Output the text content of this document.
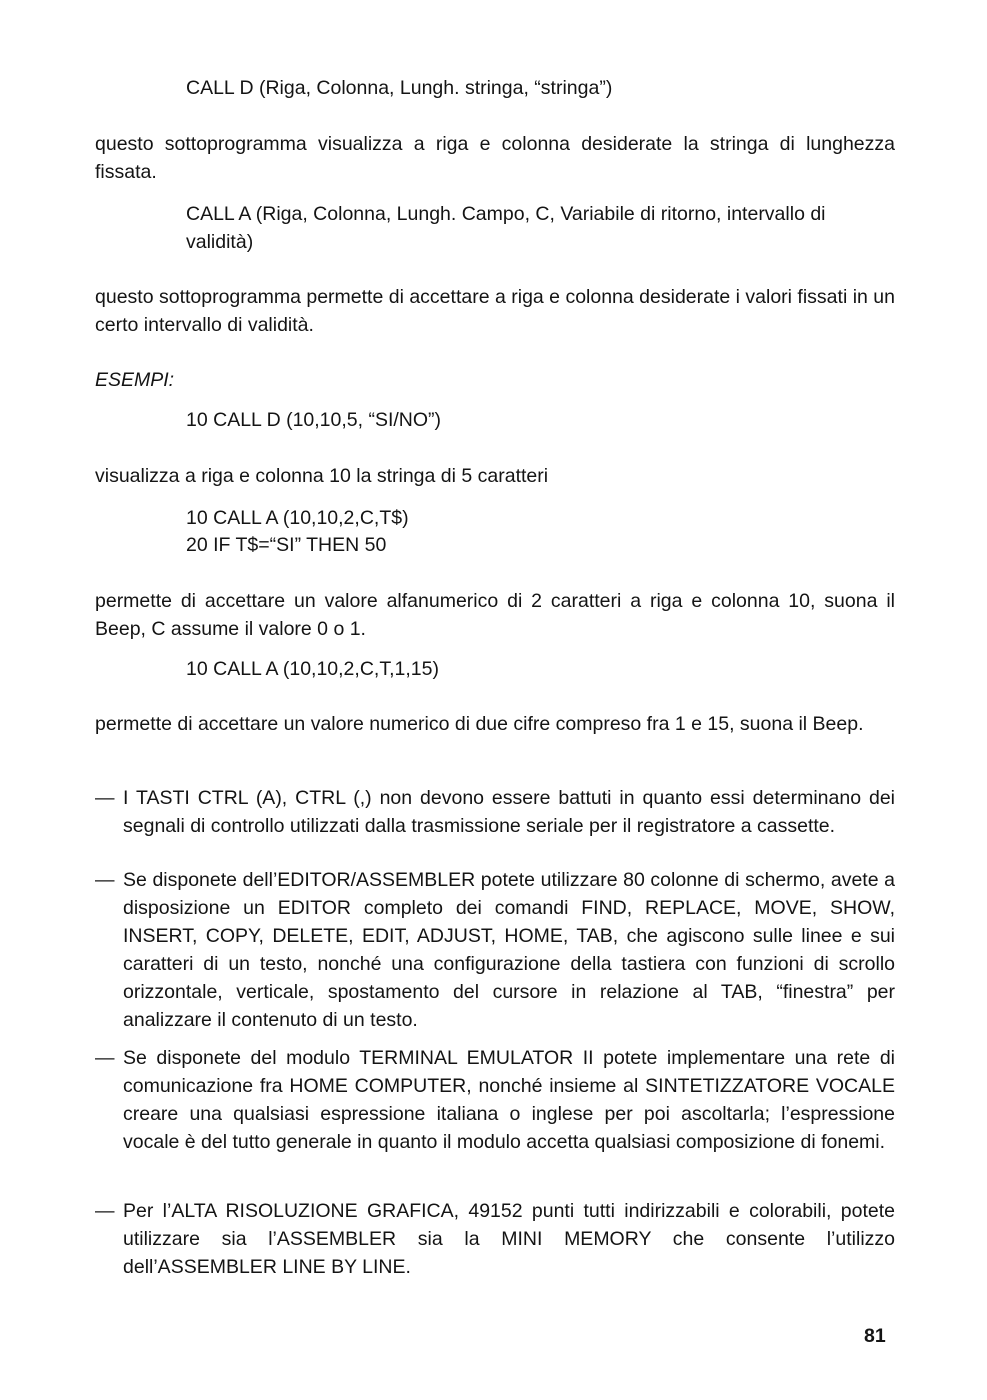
CALL D (Riga, Colonna, Lungh. stringa, “stringa”)

questo sottoprogramma visualizza a riga e colonna desiderate la stringa di lunghezza fissata.

CALL A (Riga, Colonna, Lungh. Campo, C, Variabile di ritorno, intervallo di validità)

questo sottoprogramma permette di accettare a riga e colonna desiderate i valori fissati in un certo intervallo di validità.

ESEMPI:

10 CALL D (10,10,5, “SI/NO”)

visualizza a riga e colonna 10 la stringa di 5 caratteri

10 CALL A (10,10,2,C,T$)

20 IF T$=“SI” THEN 50

permette di accettare un valore alfanumerico di 2 caratteri a riga e colonna 10, suona il Beep, C assume il valore 0 o 1.

10 CALL A (10,10,2,C,T,1,15)

permette di accettare un valore numerico di due cifre compreso fra 1 e 15, suona il Beep.

— I TASTI CTRL (A), CTRL (,) non devono essere battuti in quanto essi determinano dei segnali di controllo utilizzati dalla trasmissione seriale per il registratore a cassette.
— Se disponete dell’EDITOR/ASSEMBLER potete utilizzare 80 colonne di schermo, avete a disposizione un EDITOR completo dei comandi FIND, REPLACE, MOVE, SHOW, INSERT, COPY, DELETE, EDIT, ADJUST, HOME, TAB, che agiscono sulle linee e sui caratteri di un testo, nonché una configurazione della tastiera con funzioni di scrollo orizzontale, verticale, spostamento del cursore in relazione al TAB, “finestra” per analizzare il contenuto di un testo.
— Se disponete del modulo TERMINAL EMULATOR II potete implementare una rete di comunicazione fra HOME COMPUTER, nonché insieme al SINTETIZZATORE VOCALE creare una qualsiasi espressione italiana o inglese per poi ascoltarla; l’espressione vocale è del tutto generale in quanto il modulo accetta qualsiasi composizione di fonemi.
— Per l’ALTA RISOLUZIONE GRAFICA, 49152 punti tutti indirizzabili e colorabili, potete utilizzare sia l’ASSEMBLER sia la MINI MEMORY che consente l’utilizzo dell’ASSEMBLER LINE BY LINE.
81
